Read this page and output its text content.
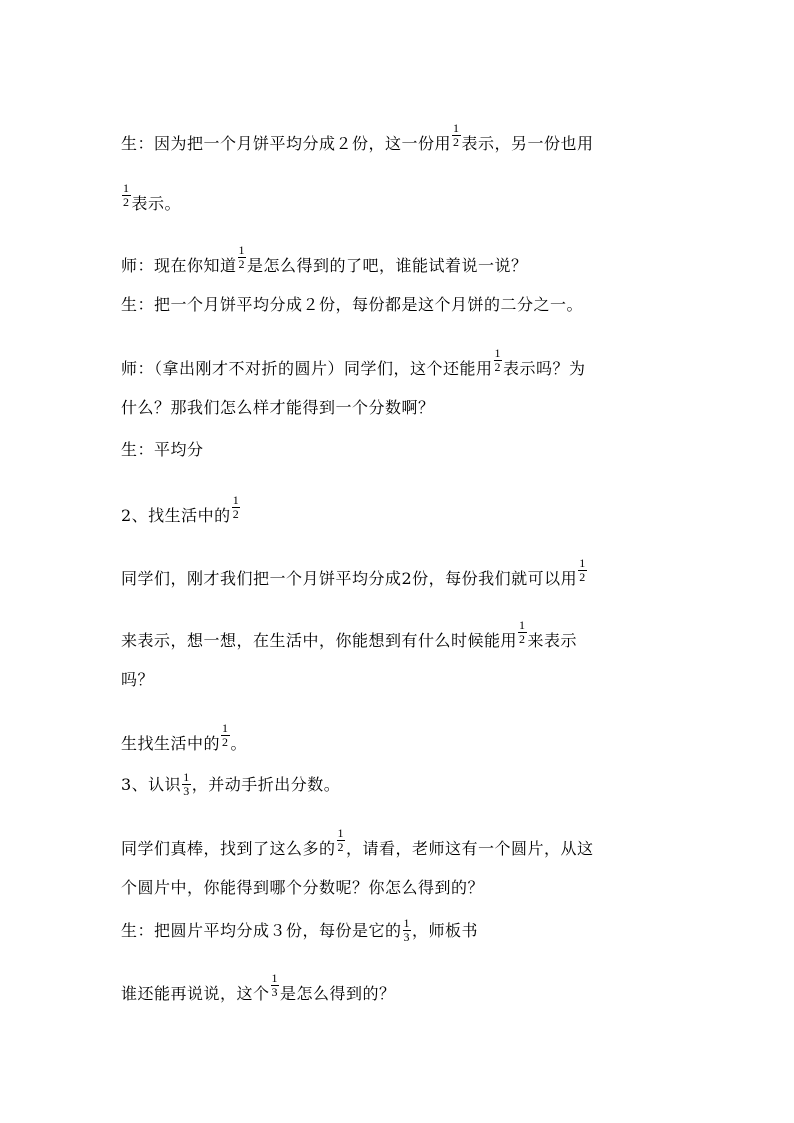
生：因为把一个月饼平均分成２份，这一份用 $\frac{1}{2}$ 表示，另一份也用
$\frac{1}{2}$ 表示。
师：现在你知道 $\frac{1}{2}$ 是怎么得到的了吧，谁能试着说一说？
生：把一个月饼平均分成２份，每份都是这个月饼的二分之一。
师：（拿出刚才不对折的圆片）同学们，这个还能用 $\frac{1}{2}$ 表示吗？为
什么？那我们怎么样才能得到一个分数啊？
生：平均分
2、找生活中的 $\frac{1}{2}$
同学们，刚才我们把一个月饼平均分成2份，每份我们就可以用 $\frac{1}{2}$
来表示，想一想，在生活中，你能想到有什么时候能用 $\frac{1}{2}$ 来表示
吗？
生找生活中的 $\frac{1}{2}$ 。
3、认识 $\frac{1}{3}$ ，并动手折出分数。
同学们真棒，找到了这么多的 $\frac{1}{2}$ ，请看，老师这有一个圆片，从这
个圆片中，你能得到哪个分数呢？你怎么得到的？
生：把圆片平均分成３份，每份是它的 $\frac{1}{3}$ ，师板书
谁还能再说说，这个 $\frac{1}{3}$ 是怎么得到的？
